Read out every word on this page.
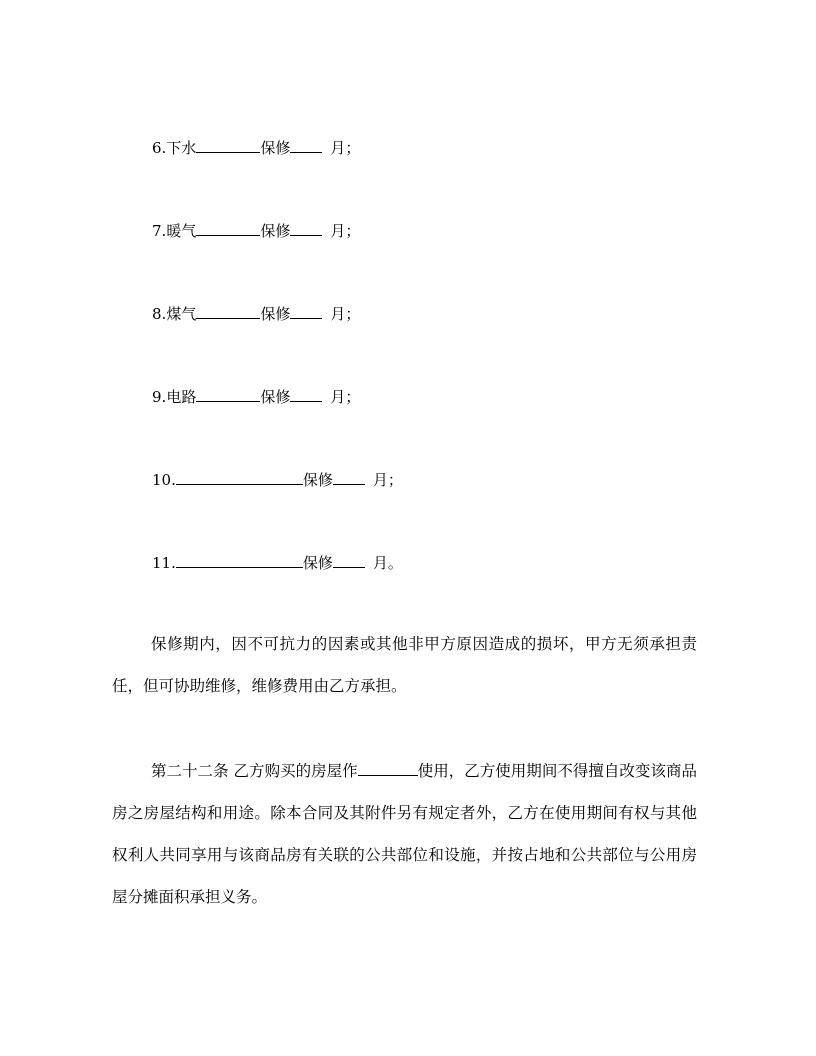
6.下水	保修	月；
7.暖气	保修	月；
8.煤气	保修	月；
9.电路	保修	月；
10.	保修	月；
11.	保修	月。
保修期内，因不可抗力的因素或其他非甲方原因造成的损坏，甲方无须承担责任，但可协助维修，维修费用由乙方承担。
第二十二条 乙方购买的房屋作	使用，乙方使用期间不得擅自改变该商品房之房屋结构和用途。除本合同及其附件另有规定者外，乙方在使用期间有权与其他权利人共同享用与该商品房有关联的公共部位和设施，并按占地和公共部位与公用房屋分摊面积承担义务。
